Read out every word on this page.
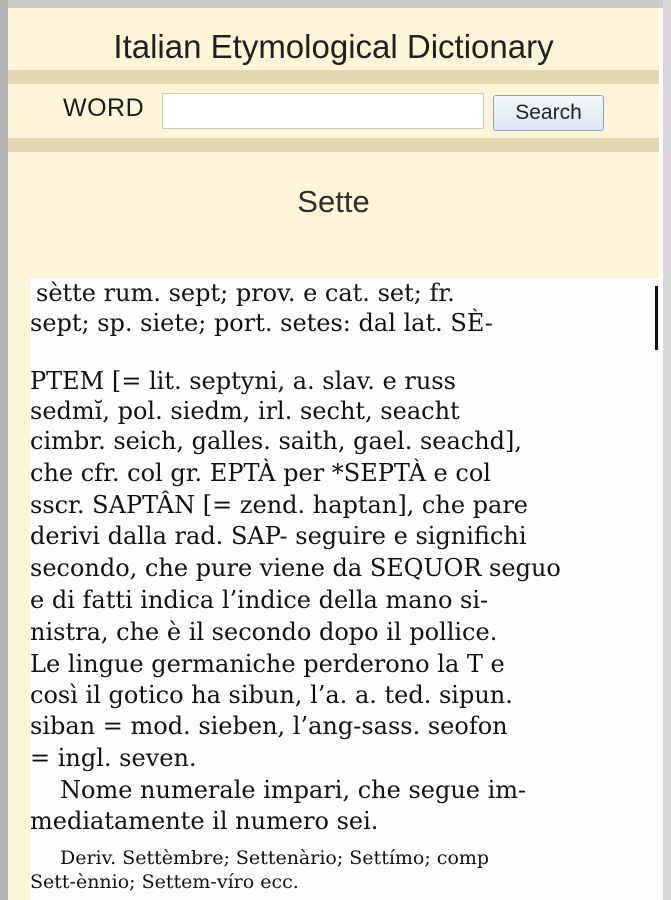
Italian Etymological Dictionary
WORD	Search
Sette
sètte rum. sept; prov. e cat. set; fr.
sept; sp. siete; port. setes: dal lat. SÈ-
PTEM [= lit. septyni, a. slav. e russ
sedmĭ, pol. siedm, irl. secht, seacht
cimbr. seich, galles. saith, gael. seachd],
che cfr. col gr. EPTÀ per *SEPTÀ e col
sscr. SAPTÂN [= zend. haptan], che pare
derivi dalla rad. SAP- seguire e significhi
secondo, che pure viene da SEQUOR seguo
e di fatti indica l’indice della mano si-
nistra, che è il secondo dopo il pollice.
Le lingue germaniche perderono la T e
così il gotico ha sibun, l’a. a. ted. sipun.
siban = mod. sieben, l’ang-sass. seofon
= ingl. seven.
Nome numerale impari, che segue im-
mediatamente il numero sei.
Deriv. Settèmbre; Settenàrio; Settímo; comp
Sett-ènnio; Settem-víro ecc.
